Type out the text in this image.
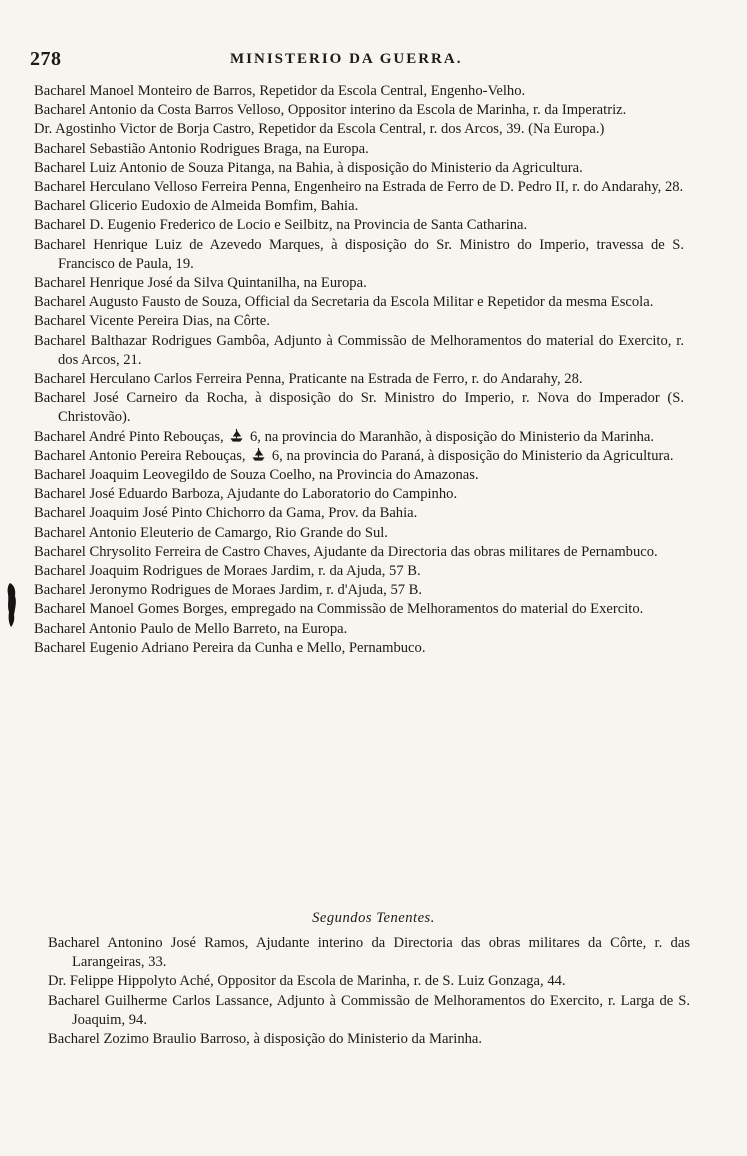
278	MINISTERIO DA GUERRA.

Bacharel Manoel Monteiro de Barros, Repetidor da Escola Central, Engenho-Velho.

Bacharel Antonio da Costa Barros Velloso, Oppositor interino da Escola de Marinha, r. da Imperatriz.

Dr. Agostinho Victor de Borja Castro, Repetidor da Escola Central, r. dos Arcos, 39. (Na Europa.)

Bacharel Sebastião Antonio Rodrigues Braga, na Europa.

Bacharel Luiz Antonio de Souza Pitanga, na Bahia, à disposição do Ministerio da Agricultura.

Bacharel Herculano Velloso Ferreira Penna, Engenheiro na Estrada de Ferro de D. Pedro II, r. do Andarahy, 28.

Bacharel Glicerio Eudoxio de Almeida Bomfim, Bahia.

Bacharel D. Eugenio Frederico de Locio e Seilbitz, na Provincia de Santa Catharina.

Bacharel Henrique Luiz de Azevedo Marques, à disposição do Sr. Ministro do Imperio, travessa de S. Francisco de Paula, 19.

Bacharel Henrique José da Silva Quintanilha, na Europa.

Bacharel Augusto Fausto de Souza, Official da Secretaria da Escola Militar e Repetidor da mesma Escola.

Bacharel Vicente Pereira Dias, na Côrte.

Bacharel Balthazar Rodrigues Gambôa, Adjunto à Commissão de Melhoramentos do material do Exercito, r. dos Arcos, 21.

Bacharel Herculano Carlos Ferreira Penna, Praticante na Estrada de Ferro, r. do Andarahy, 28.

Bacharel José Carneiro da Rocha, à disposição do Sr. Ministro do Imperio, r. Nova do Imperador (S. Christovão).

Bacharel André Pinto Rebouças, 6, na provincia do Maranhão, à disposição do Ministerio da Marinha.

Bacharel Antonio Pereira Rebouças, 6, na provincia do Paraná, à disposição do Ministerio da Agricultura.

Bacharel Joaquim Leovegildo de Souza Coelho, na Provincia do Amazonas.

Bacharel José Eduardo Barboza, Ajudante do Laboratorio do Campinho.

Bacharel Joaquim José Pinto Chichorro da Gama, Prov. da Bahia.

Bacharel Antonio Eleuterio de Camargo, Rio Grande do Sul.

Bacharel Chrysolito Ferreira de Castro Chaves, Ajudante da Directoria das obras militares de Pernambuco.

Bacharel Joaquim Rodrigues de Moraes Jardim, r. da Ajuda, 57 B.

Bacharel Jeronymo Rodrigues de Moraes Jardim, r. d'Ajuda, 57 B.

Bacharel Manoel Gomes Borges, empregado na Commissão de Melhoramentos do material do Exercito.

Bacharel Antonio Paulo de Mello Barreto, na Europa.

Bacharel Eugenio Adriano Pereira da Cunha e Mello, Pernambuco.

Segundos Tenentes.

Bacharel Antonino José Ramos, Ajudante interino da Directoria das obras militares da Côrte, r. das Larangeiras, 33.

Dr. Felippe Hippolyto Aché, Oppositor da Escola de Marinha, r. de S. Luiz Gonzaga, 44.

Bacharel Guilherme Carlos Lassance, Adjunto à Commissão de Melhoramentos do Exercito, r. Larga de S. Joaquim, 94.

Bacharel Zozimo Braulio Barroso, à disposição do Ministerio da Marinha.
